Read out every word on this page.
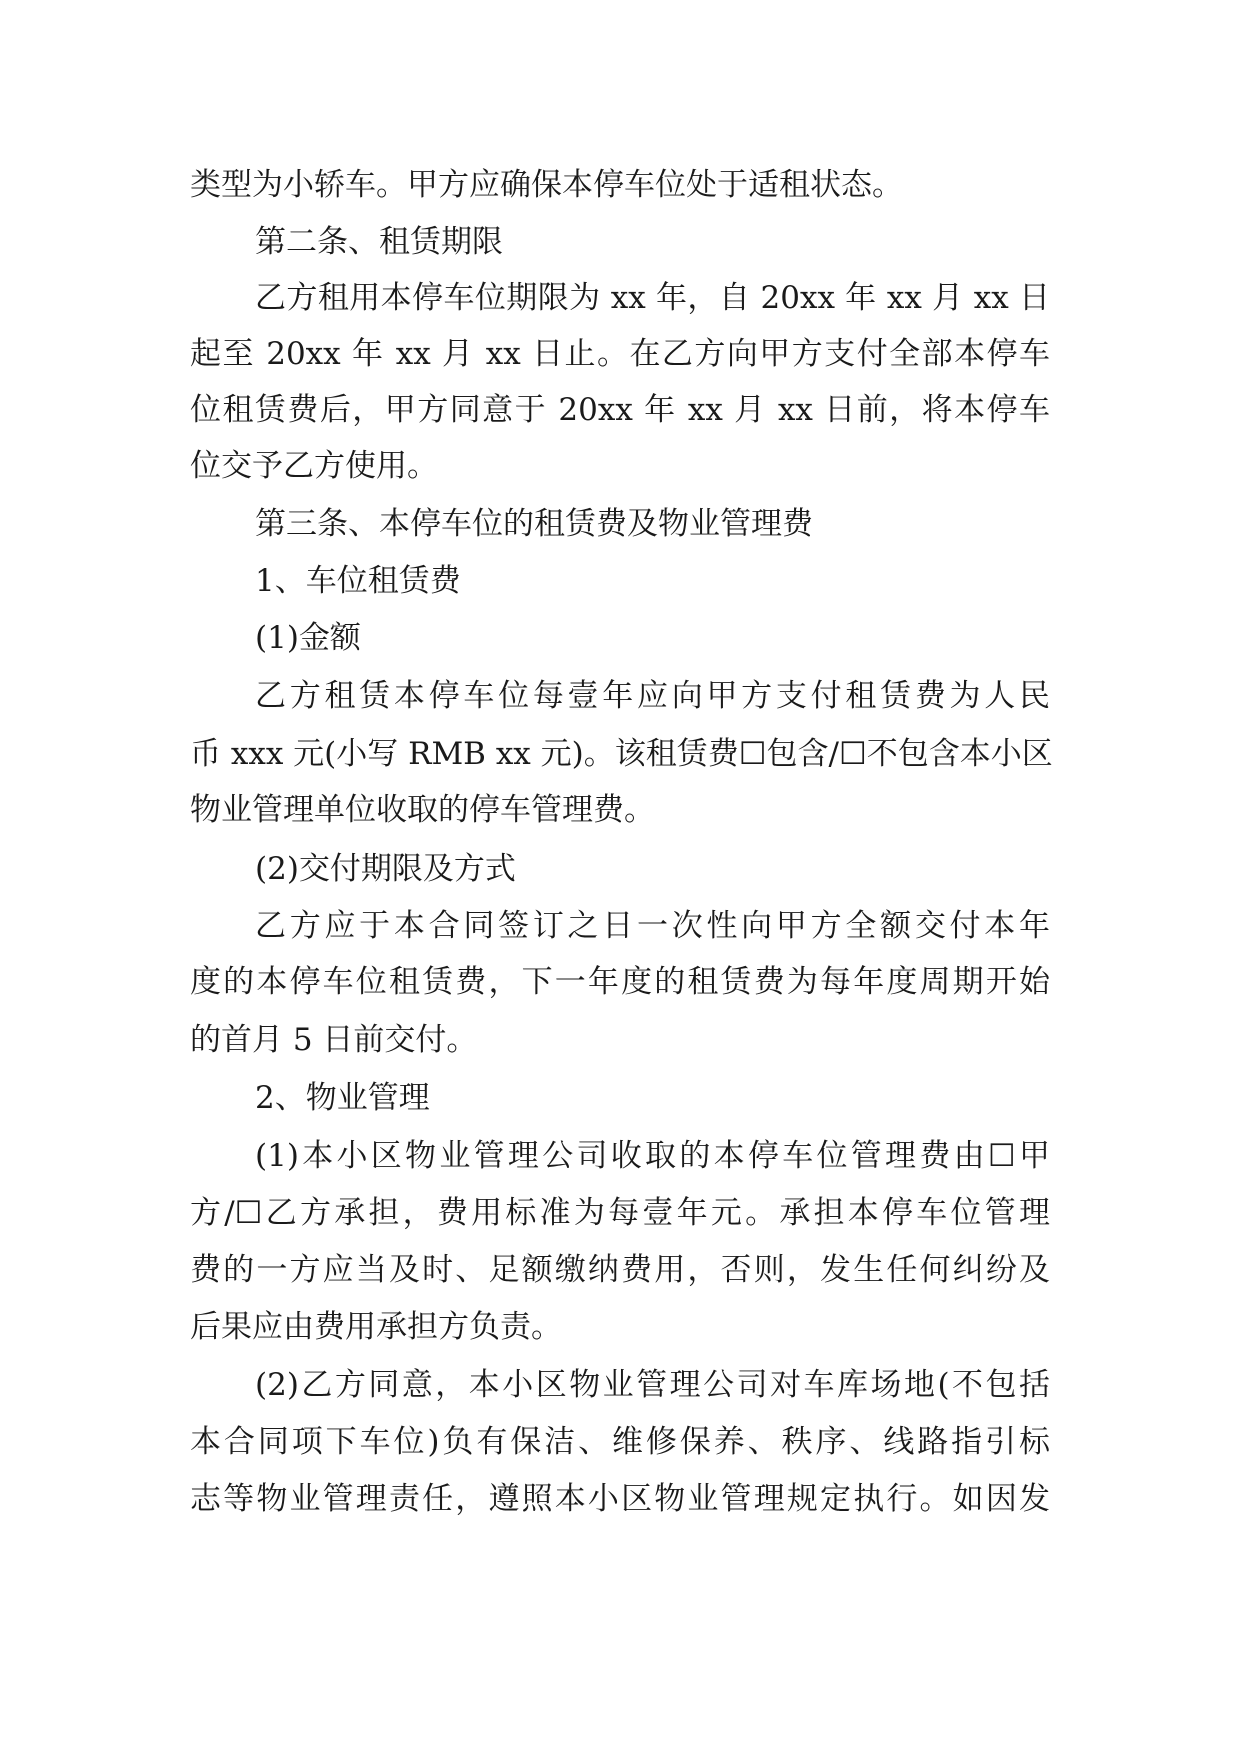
类型为小轿车。甲方应确保本停车位处于适租状态。
第二条、租赁期限
乙方租用本停车位期限为 xx 年，自 20xx 年 xx 月 xx 日
起至 20xx 年 xx 月 xx 日止。在乙方向甲方支付全部本停车
位租赁费后，甲方同意于 20xx 年 xx 月 xx 日前，将本停车
位交予乙方使用。
第三条、本停车位的租赁费及物业管理费
1、车位租赁费
(1)金额
乙方租赁本停车位每壹年应向甲方支付租赁费为人民
币 xxx 元(小写 RMB xx 元)。该租赁费☐包含/☐不包含本小区
物业管理单位收取的停车管理费。
(2)交付期限及方式
乙方应于本合同签订之日一次性向甲方全额交付本年
度的本停车位租赁费，下一年度的租赁费为每年度周期开始
的首月 5 日前交付。
2、物业管理
(1)本小区物业管理公司收取的本停车位管理费由☐甲
方/☐乙方承担，费用标准为每壹年元。承担本停车位管理
费的一方应当及时、足额缴纳费用，否则，发生任何纠纷及
后果应由费用承担方负责。
(2)乙方同意，本小区物业管理公司对车库场地(不包括
本合同项下车位)负有保洁、维修保养、秩序、线路指引标
志等物业管理责任，遵照本小区物业管理规定执行。如因发
